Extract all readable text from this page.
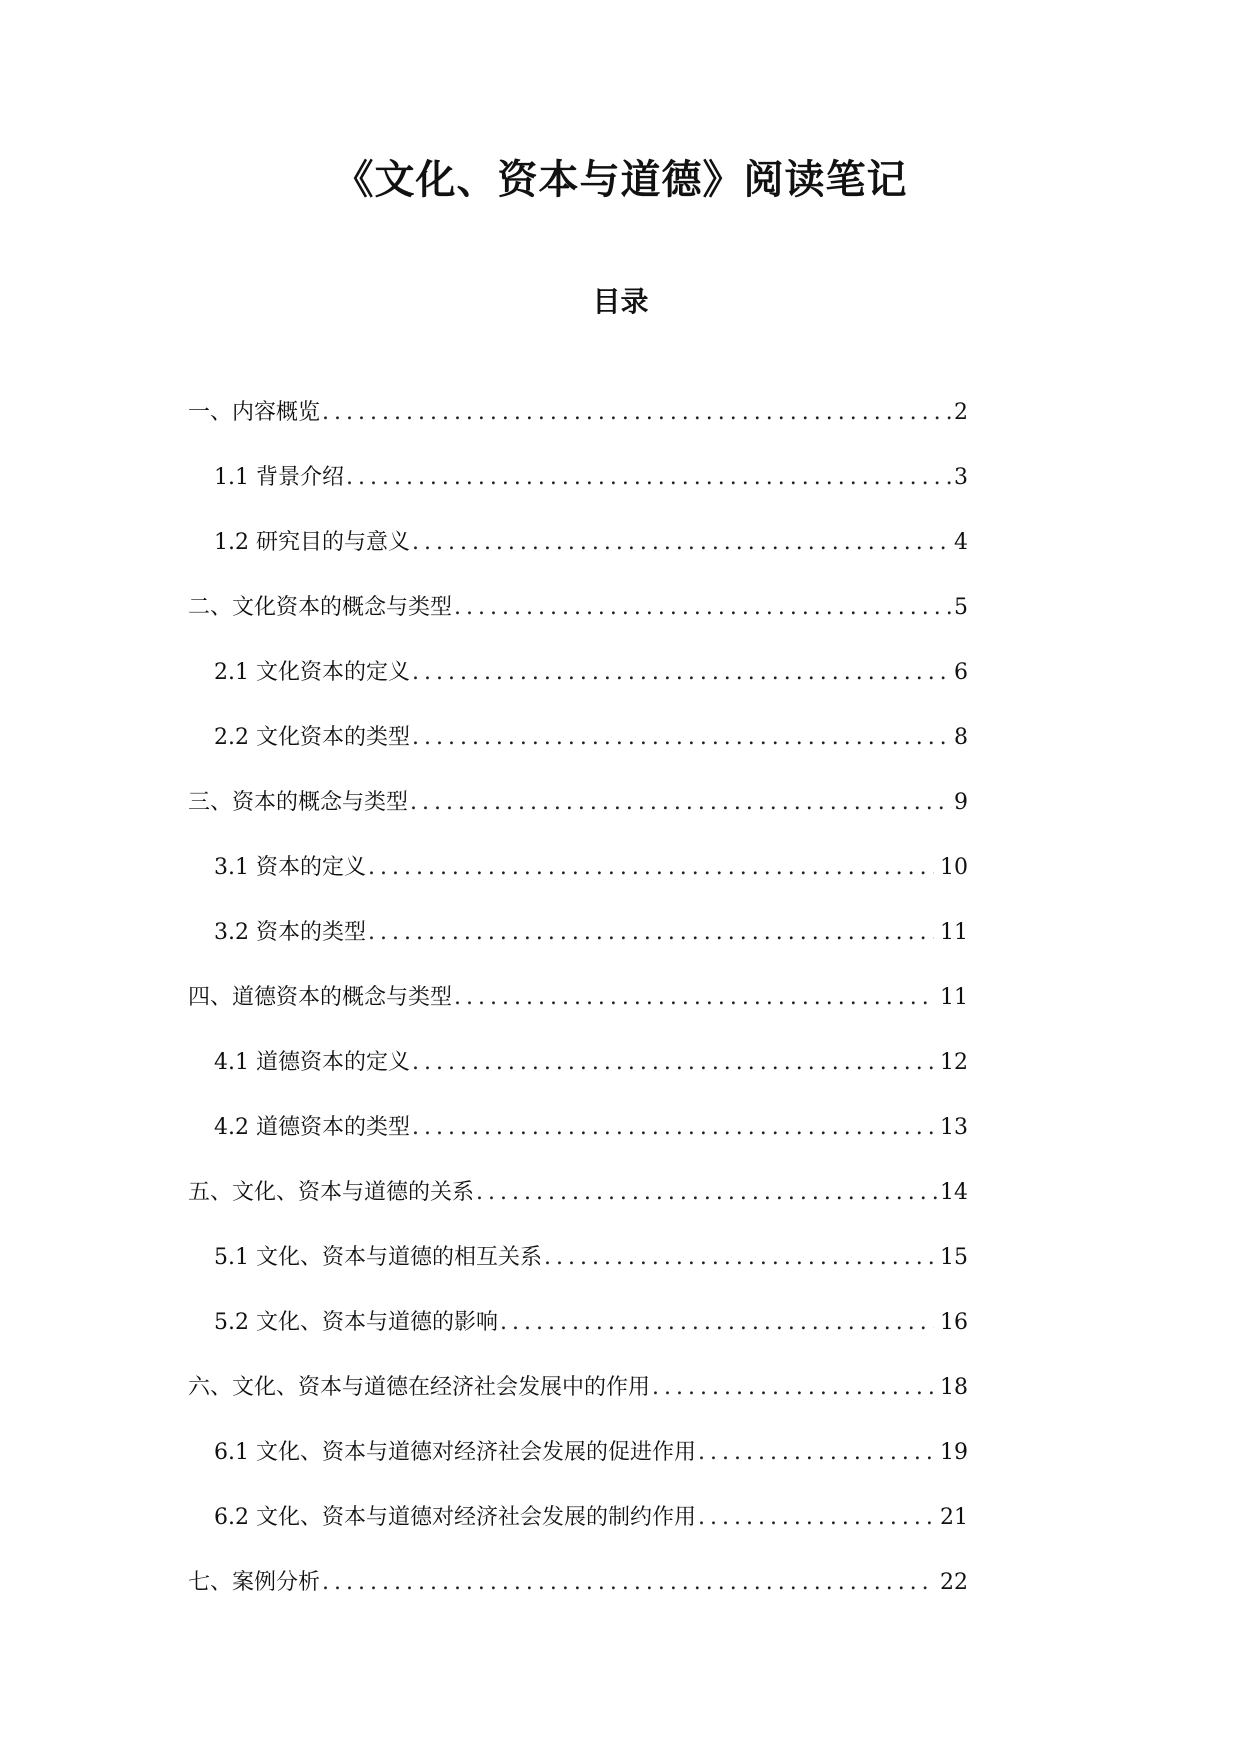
《文化、资本与道德》阅读笔记
目录
一、内容概览 .....	2
1.1 背景介绍 .....	3
1.2 研究目的与意义 .....	4
二、文化资本的概念与类型 .....	5
2.1 文化资本的定义 .....	6
2.2 文化资本的类型 .....	8
三、资本的概念与类型 .....	9
3.1 资本的定义 .....	10
3.2 资本的类型 .....	11
四、道德资本的概念与类型 .....	11
4.1 道德资本的定义 .....	12
4.2 道德资本的类型 .....	13
五、文化、资本与道德的关系 .....	14
5.1 文化、资本与道德的相互关系 .....	15
5.2 文化、资本与道德的影响 .....	16
六、文化、资本与道德在经济社会发展中的作用 .....	18
6.1 文化、资本与道德对经济社会发展的促进作用 .....	19
6.2 文化、资本与道德对经济社会发展的制约作用 .....	21
七、案例分析 .....	22
